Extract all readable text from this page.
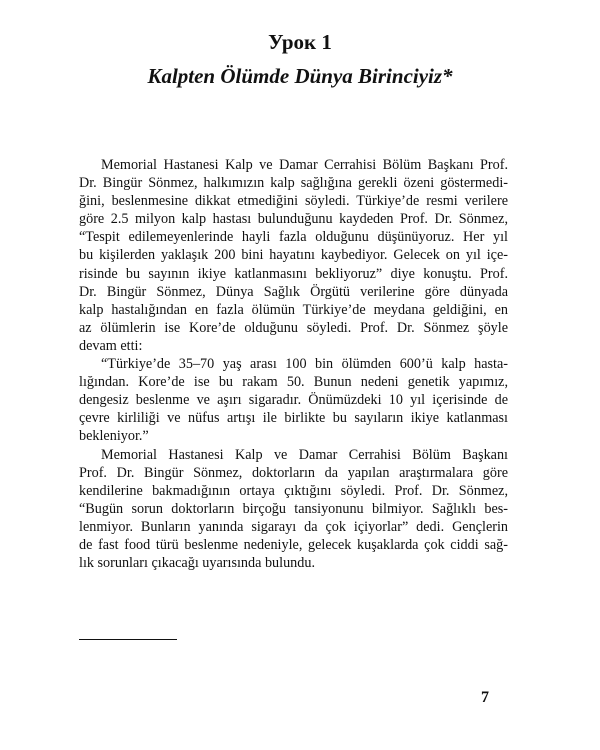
Урок 1
Kalpten Ölümde Dünya Birinciyiz*

Memorial Hastanesi Kalp ve Damar Cerrahisi Bölüm Başkanı Prof.
Dr. Bingür Sönmez, halkımızın kalp sağlığına gerekli özeni göstermedi-
ğini, beslenmesine dikkat etmediğini söyledi. Türkiye’de resmi verilere
göre 2.5 milyon kalp hastası bulunduğunu kaydeden Prof. Dr. Sönmez,
“Tespit edilemeyenlerinde hayli fazla olduğunu düşünüyoruz. Her yıl
bu kişilerden yaklaşık 200 bini hayatını kaybediyor. Gelecek on yıl içe-
risinde bu sayının ikiye katlanmasını bekliyoruz” diye konuştu. Prof.
Dr. Bingür Sönmez, Dünya Sağlık Örgütü verilerine göre dünyada
kalp hastalığından en fazla ölümün Türkiye’de meydana geldiğini, en
az ölümlerin ise Kore’de olduğunu söyledi. Prof. Dr. Sönmez şöyle
devam etti:

“Türkiye’de 35–70 yaş arası 100 bin ölümden 600’ü kalp hasta-
lığından. Kore’de ise bu rakam 50. Bunun nedeni genetik yapımız,
dengesiz beslenme ve aşırı sigaradır. Önümüzdeki 10 yıl içerisinde de
çevre kirliliği ve nüfus artışı ile birlikte bu sayıların ikiye katlanması
bekleniyor.”

Memorial Hastanesi Kalp ve Damar Cerrahisi Bölüm Başkanı
Prof. Dr. Bingür Sönmez, doktorların da yapılan araştırmalara göre
kendilerine bakmadığının ortaya çıktığını söyledi. Prof. Dr. Sönmez,
“Bugün sorun doktorların birçoğu tansiyonunu bilmiyor. Sağlıklı bes-
lenmiyor. Bunların yanında sigarayı da çok içiyorlar” dedi. Gençlerin
de fast food türü beslenme nedeniyle, gelecek kuşaklarda çok ciddi sağ-
lık sorunları çıkacağı uyarısında bulundu.

7
